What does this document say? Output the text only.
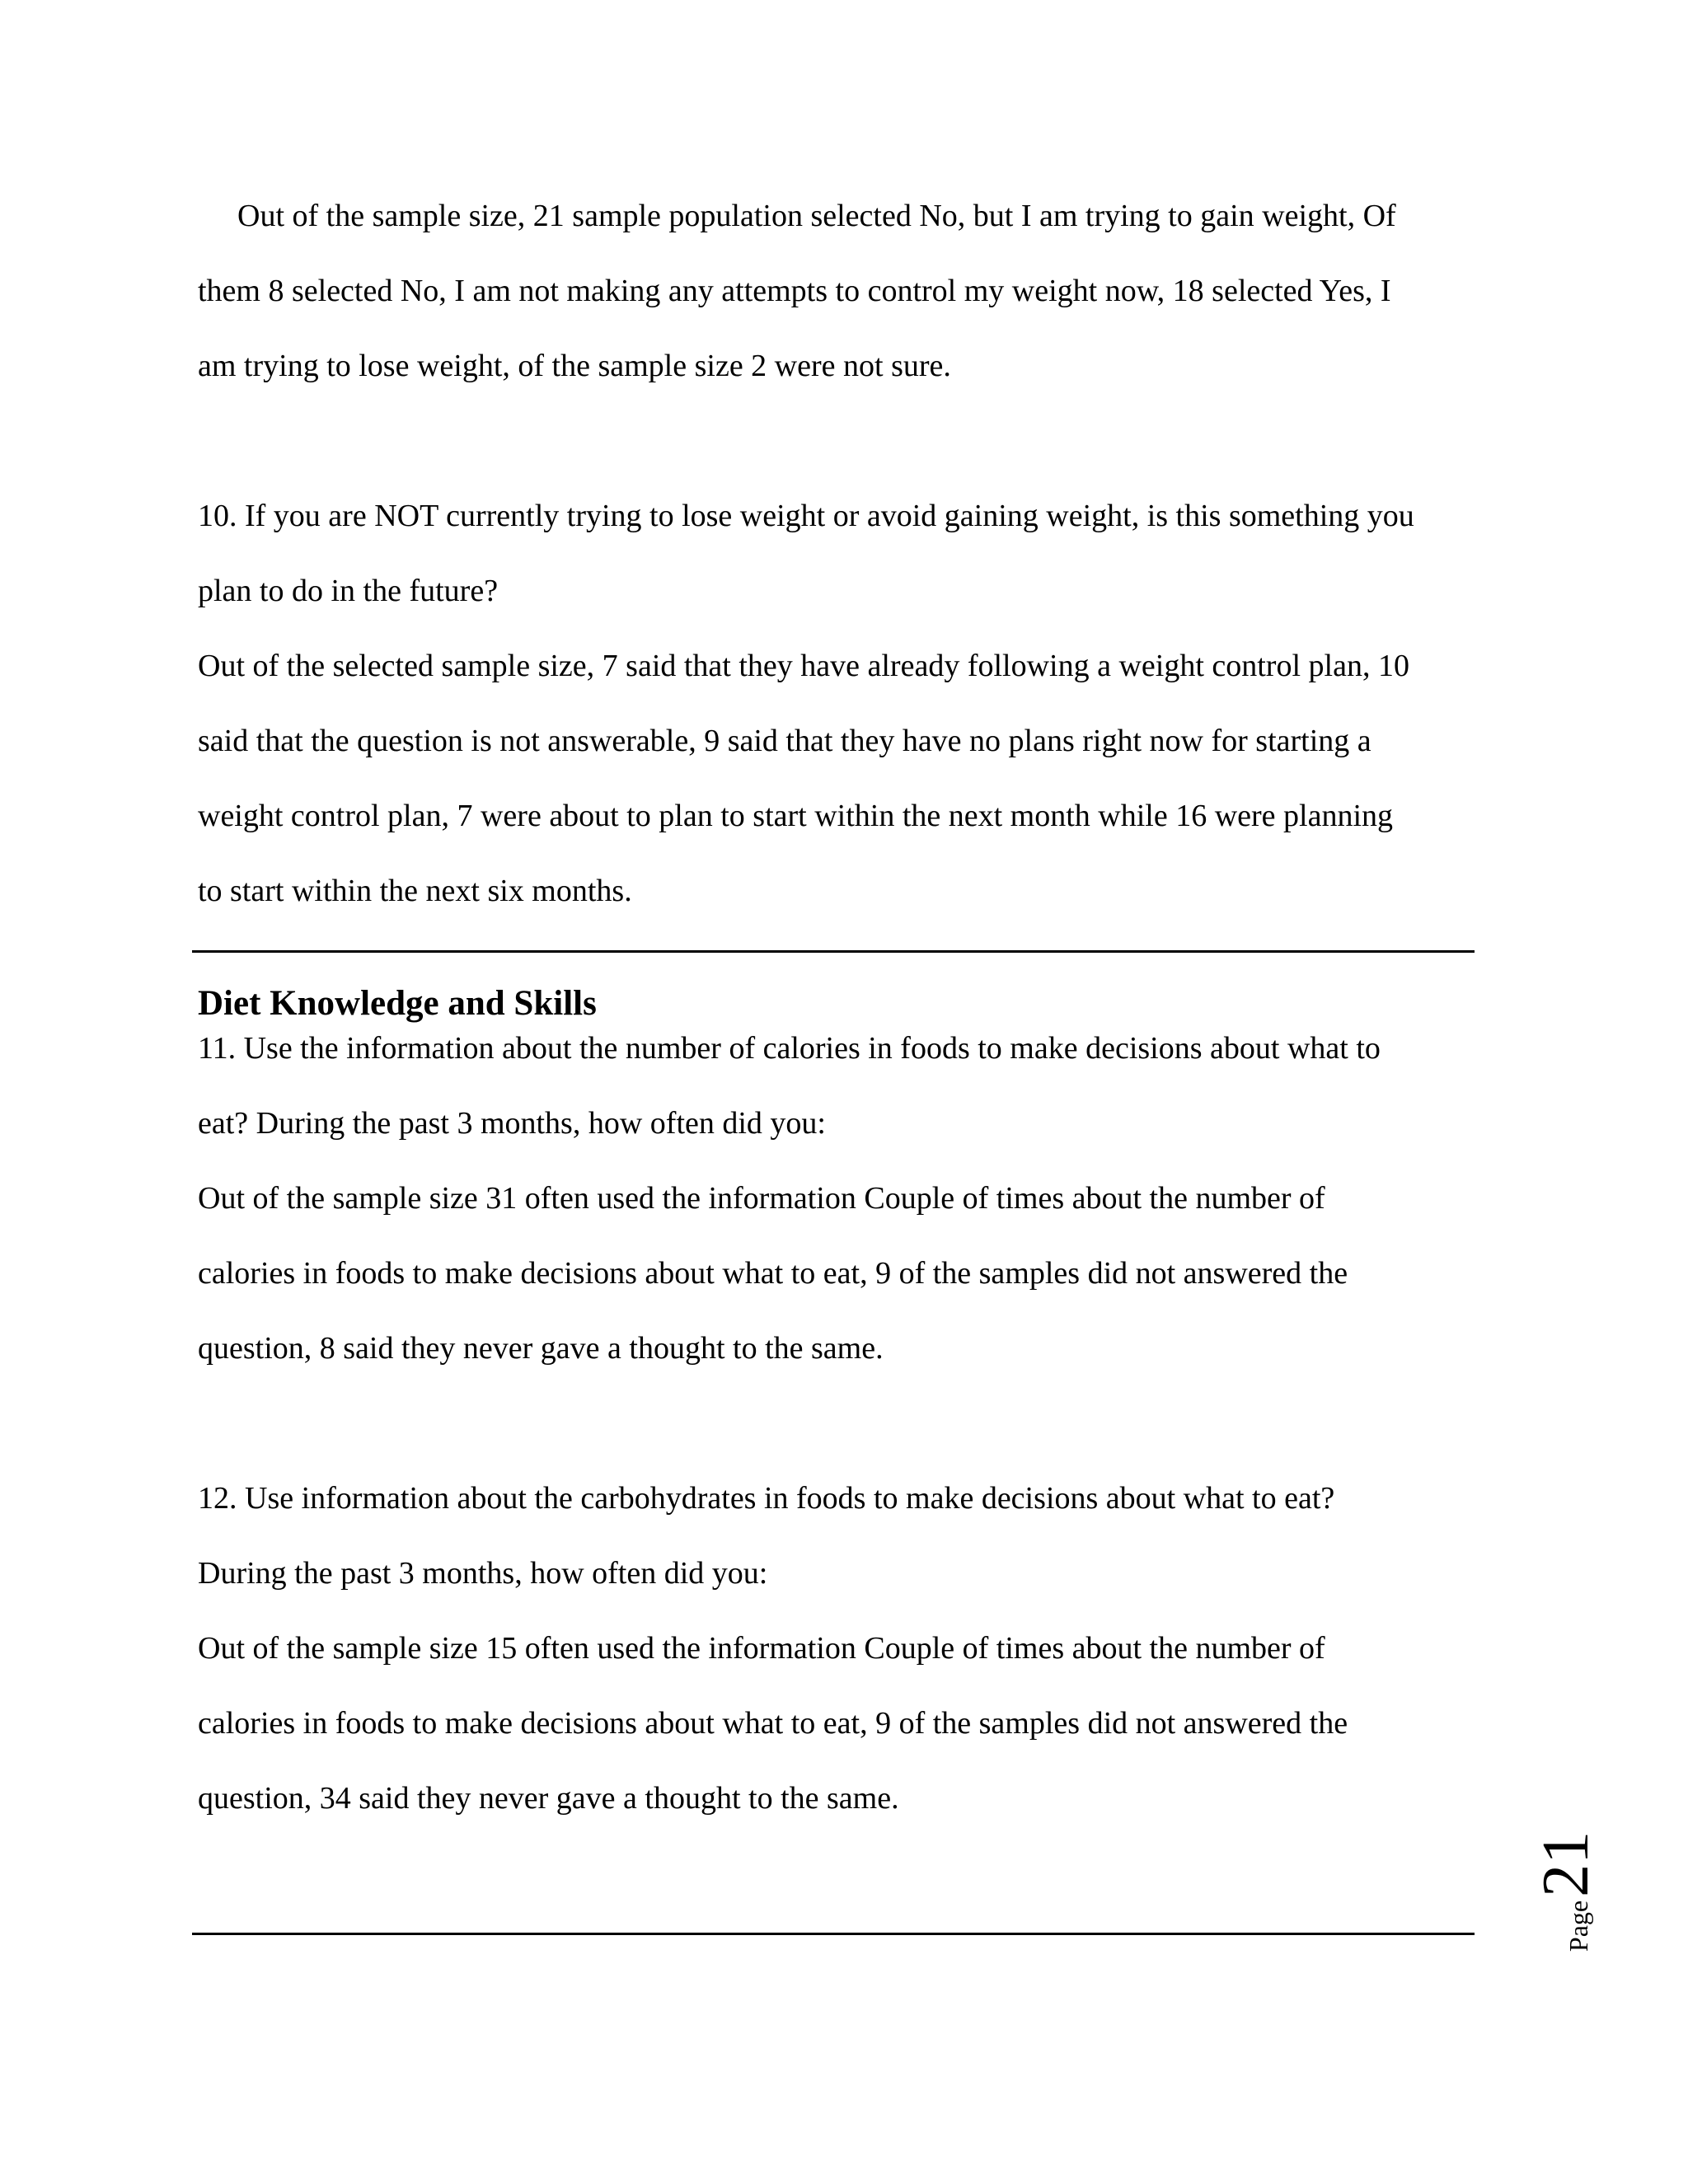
Out of the sample size, 21 sample population selected No, but I am trying to gain weight, Of
them 8 selected No, I am not making any attempts to control my weight now, 18 selected Yes, I
am trying to lose weight, of the sample size 2 were not sure.
10. If you are NOT currently trying to lose weight or avoid gaining weight, is this something you
plan to do in the future?
Out of the selected sample size, 7 said that they have already following a weight control plan, 10
said that the question is not answerable, 9 said that they have no plans right now for starting a
weight control plan, 7 were about to plan to start within the next month while 16 were planning
to start within the next six months.
Diet Knowledge and Skills
11. Use the information about the number of calories in foods to make decisions about what to
eat? During the past 3 months, how often did you:
Out of the sample size 31 often used the information Couple of times about the number of
calories in foods to make decisions about what to eat, 9 of the samples did not answered the
question, 8 said they never gave a thought to the same.
12. Use information about the carbohydrates in foods to make decisions about what to eat?
During the past 3 months, how often did you:
Out of the sample size 15 often used the information Couple of times about the number of
calories in foods to make decisions about what to eat, 9 of the samples did not answered the
question, 34 said they never gave a thought to the same.
Page
21
